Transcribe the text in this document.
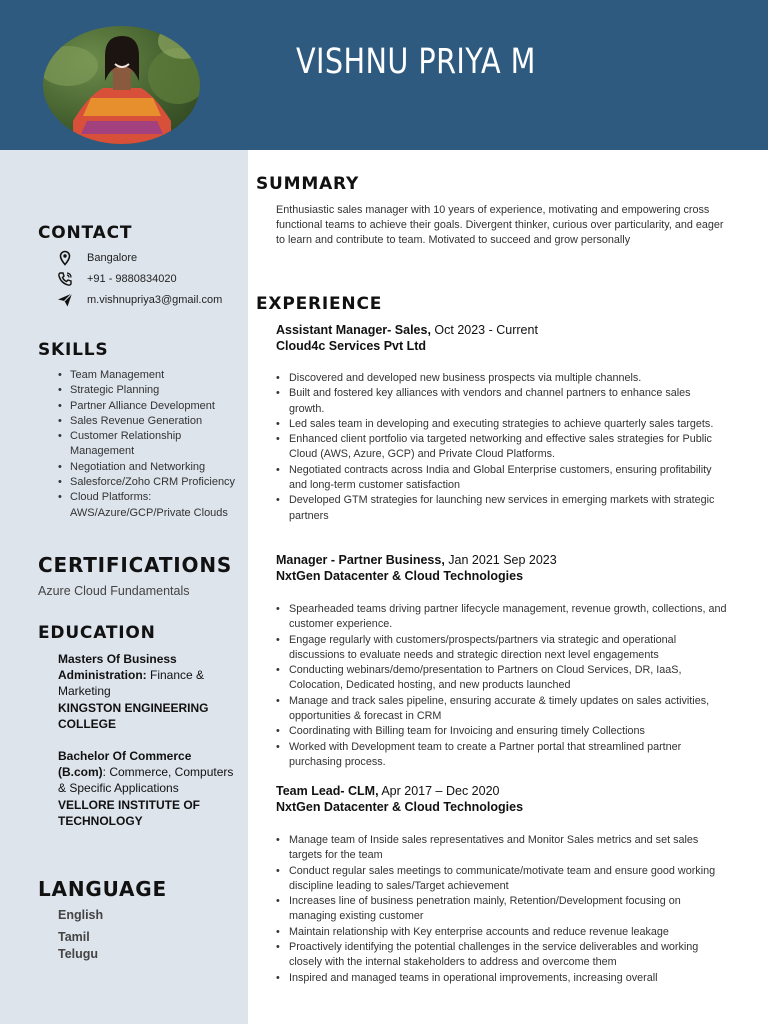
VISHNU PRIYA M
CONTACT
Bangalore
+91 - 9880834020
m.vishnupriya3@gmail.com
SKILLS
• Team Management
• Strategic Planning
• Partner Alliance Development
• Sales Revenue Generation
• Customer Relationship Management
• Negotiation and Networking
• Salesforce/Zoho CRM Proficiency
• Cloud Platforms: AWS/Azure/GCP/Private Clouds
CERTIFICATIONS
Azure Cloud Fundamentals
EDUCATION
Masters Of Business Administration: Finance & Marketing
KINGSTON ENGINEERING COLLEGE
Bachelor Of Commerce (B.com): Commerce, Computers & Specific Applications
VELLORE INSTITUTE OF TECHNOLOGY
LANGUAGE
English
Tamil
Telugu
SUMMARY
Enthusiastic sales manager with 10 years of experience, motivating and empowering cross functional teams to achieve their goals. Divergent thinker, curious over particularity, and eager to learn and contribute to team. Motivated to succeed and grow personally
EXPERIENCE
Assistant Manager- Sales, Oct 2023 - Current
Cloud4c Services Pvt Ltd
• Discovered and developed new business prospects via multiple channels.
• Built and fostered key alliances with vendors and channel partners to enhance sales growth.
• Led sales team in developing and executing strategies to achieve quarterly sales targets.
• Enhanced client portfolio via targeted networking and effective sales strategies for Public Cloud (AWS, Azure, GCP) and Private Cloud Platforms.
• Negotiated contracts across India and Global Enterprise customers, ensuring profitability and long-term customer satisfaction
• Developed GTM strategies for launching new services in emerging markets with strategic partners
Manager - Partner Business, Jan 2021 Sep 2023
NxtGen Datacenter & Cloud Technologies
• Spearheaded teams driving partner lifecycle management, revenue growth, collections, and customer experience.
• Engage regularly with customers/prospects/partners via strategic and operational discussions to evaluate needs and strategic direction next level engagements
• Conducting webinars/demo/presentation to Partners on Cloud Services, DR, IaaS, Colocation, Dedicated hosting, and new products launched
• Manage and track sales pipeline, ensuring accurate & timely updates on sales activities, opportunities & forecast in CRM
• Coordinating with Billing team for Invoicing and ensuring timely Collections
• Worked with Development team to create a Partner portal that streamlined partner purchasing process.
Team Lead- CLM, Apr 2017 – Dec 2020
NxtGen Datacenter & Cloud Technologies
• Manage team of Inside sales representatives and Monitor Sales metrics and set sales targets for the team
• Conduct regular sales meetings to communicate/motivate team and ensure good working discipline leading to sales/Target achievement
• Increases line of business penetration mainly, Retention/Development focusing on managing existing customer
• Maintain relationship with Key enterprise accounts and reduce revenue leakage
• Proactively identifying the potential challenges in the service deliverables and working closely with the internal stakeholders to address and overcome them
• Inspired and managed teams in operational improvements, increasing overall
